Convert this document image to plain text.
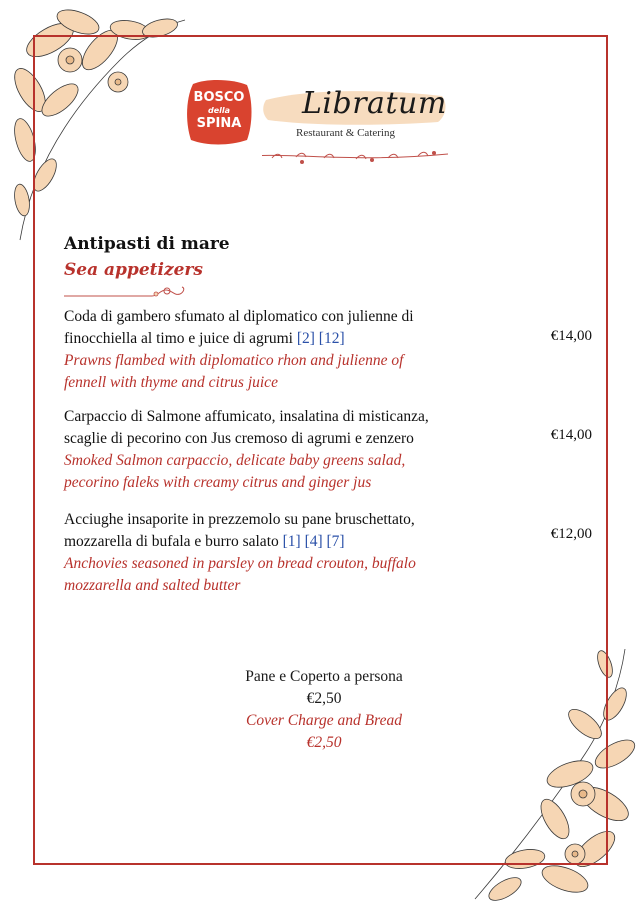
BOSCO
della
SPINA
Libratum
Restaurant & Catering
Antipasti di mare
Sea appetizers
Coda di gambero sfumato al diplomatico con julienne di
finocchiella al timo e juice di agrumi [2] [12]
Prawns flambed with diplomatico rhon and julienne of
fennell with thyme and citrus juice
€14,00
Carpaccio di Salmone affumicato, insalatina di misticanza,
scaglie di pecorino con Jus cremoso di agrumi e zenzero
Smoked Salmon carpaccio, delicate baby greens salad,
pecorino faleks with creamy citrus and ginger jus
€14,00
Acciughe insaporite in prezzemolo su pane bruschettato,
mozzarella di bufala e burro salato [1] [4] [7]
Anchovies seasoned in parsley on bread crouton, buffalo
mozzarella and salted butter
€12,00
Pane e Coperto a persona
€2,50
Cover Charge and Bread
€2,50
